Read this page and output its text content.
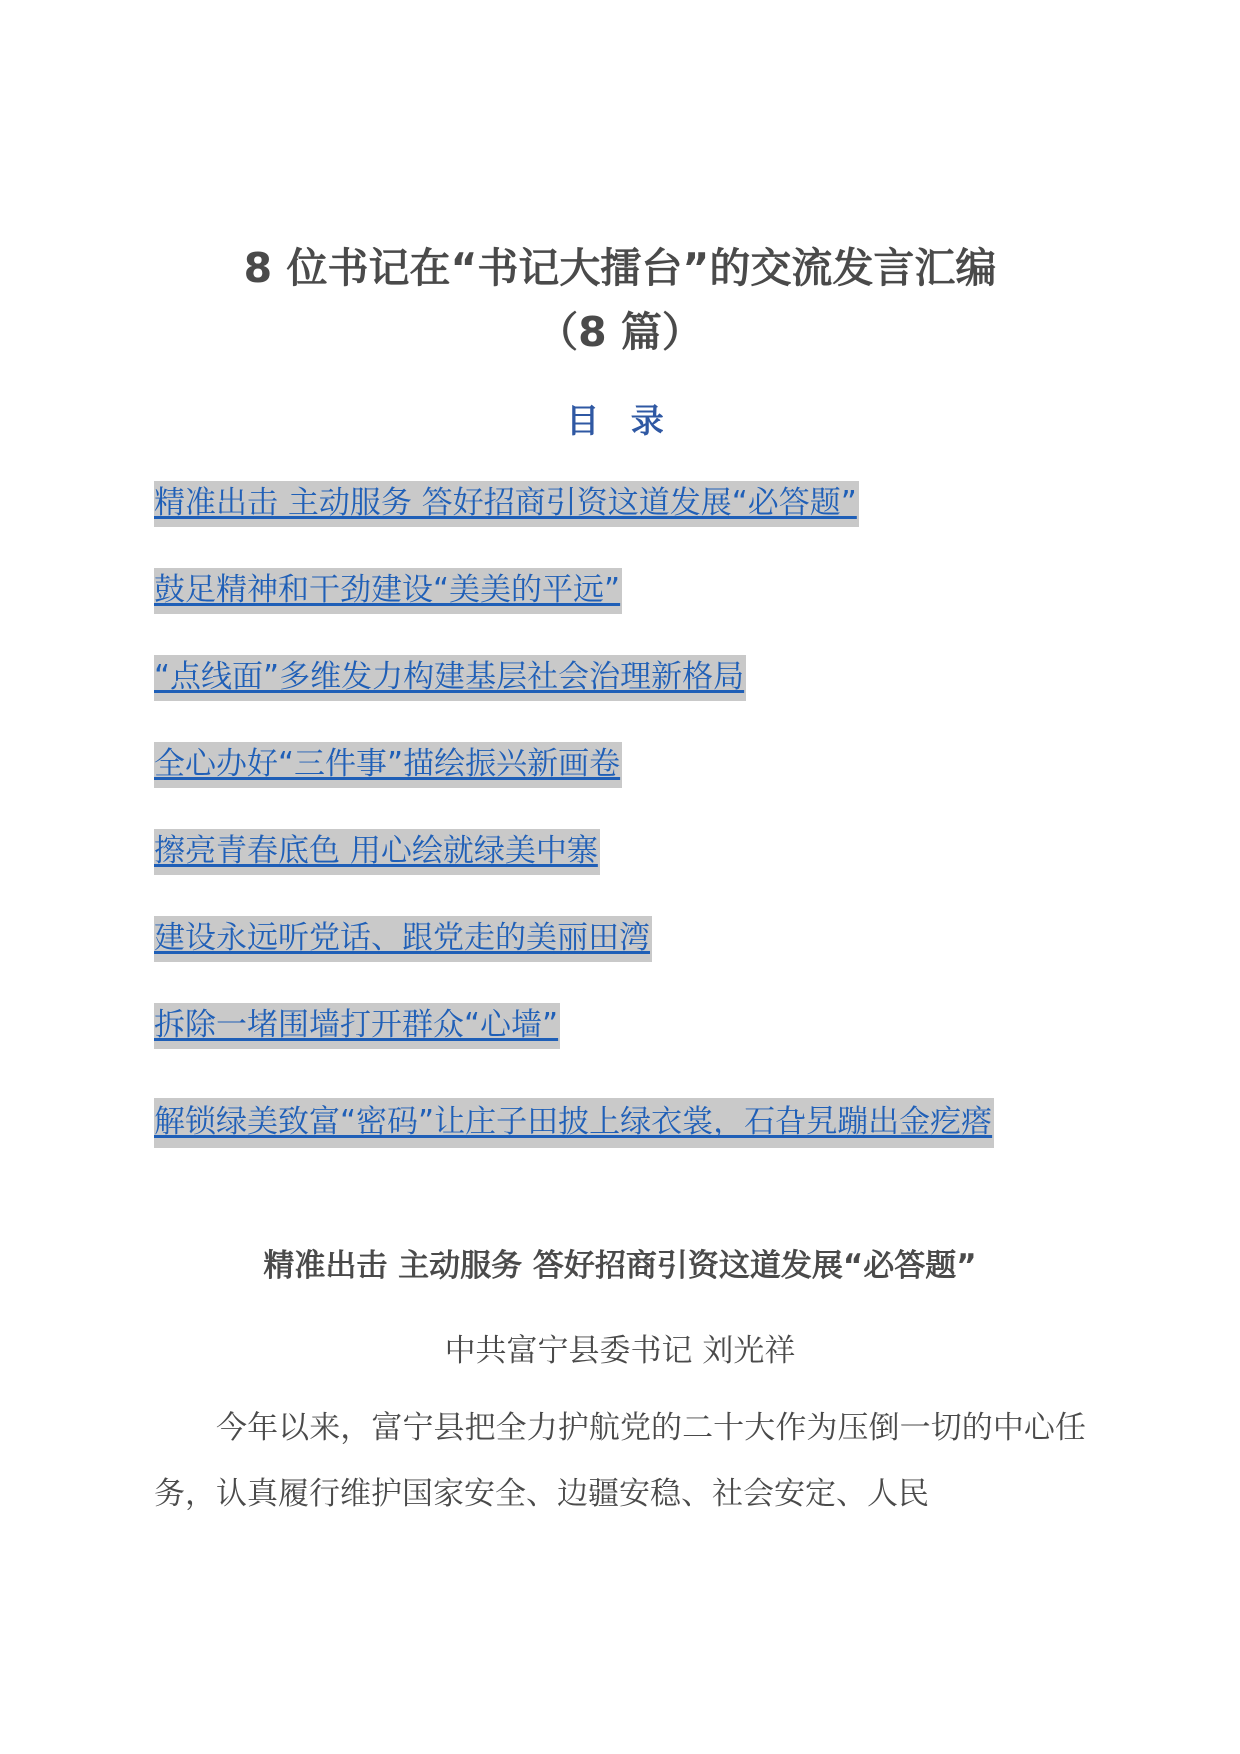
8 位书记在“书记大擂台”的交流发言汇编
（8 篇）
目 录
精准出击 主动服务 答好招商引资这道发展“必答题”
鼓足精神和干劲建设“美美的平远”
“点线面”多维发力构建基层社会治理新格局
全心办好“三件事”描绘振兴新画卷
擦亮青春底色 用心绘就绿美中寨
建设永远听党话、跟党走的美丽田湾
拆除一堵围墙打开群众“心墙”
解锁绿美致富“密码”让庄子田披上绿衣裳，石旮旯蹦出金疙瘩
精准出击 主动服务 答好招商引资这道发展“必答题”
中共富宁县委书记 刘光祥

今年以来，富宁县把全力护航党的二十大作为压倒一切的中心任务，认真履行维护国家安全、边疆安稳、社会安定、人民
